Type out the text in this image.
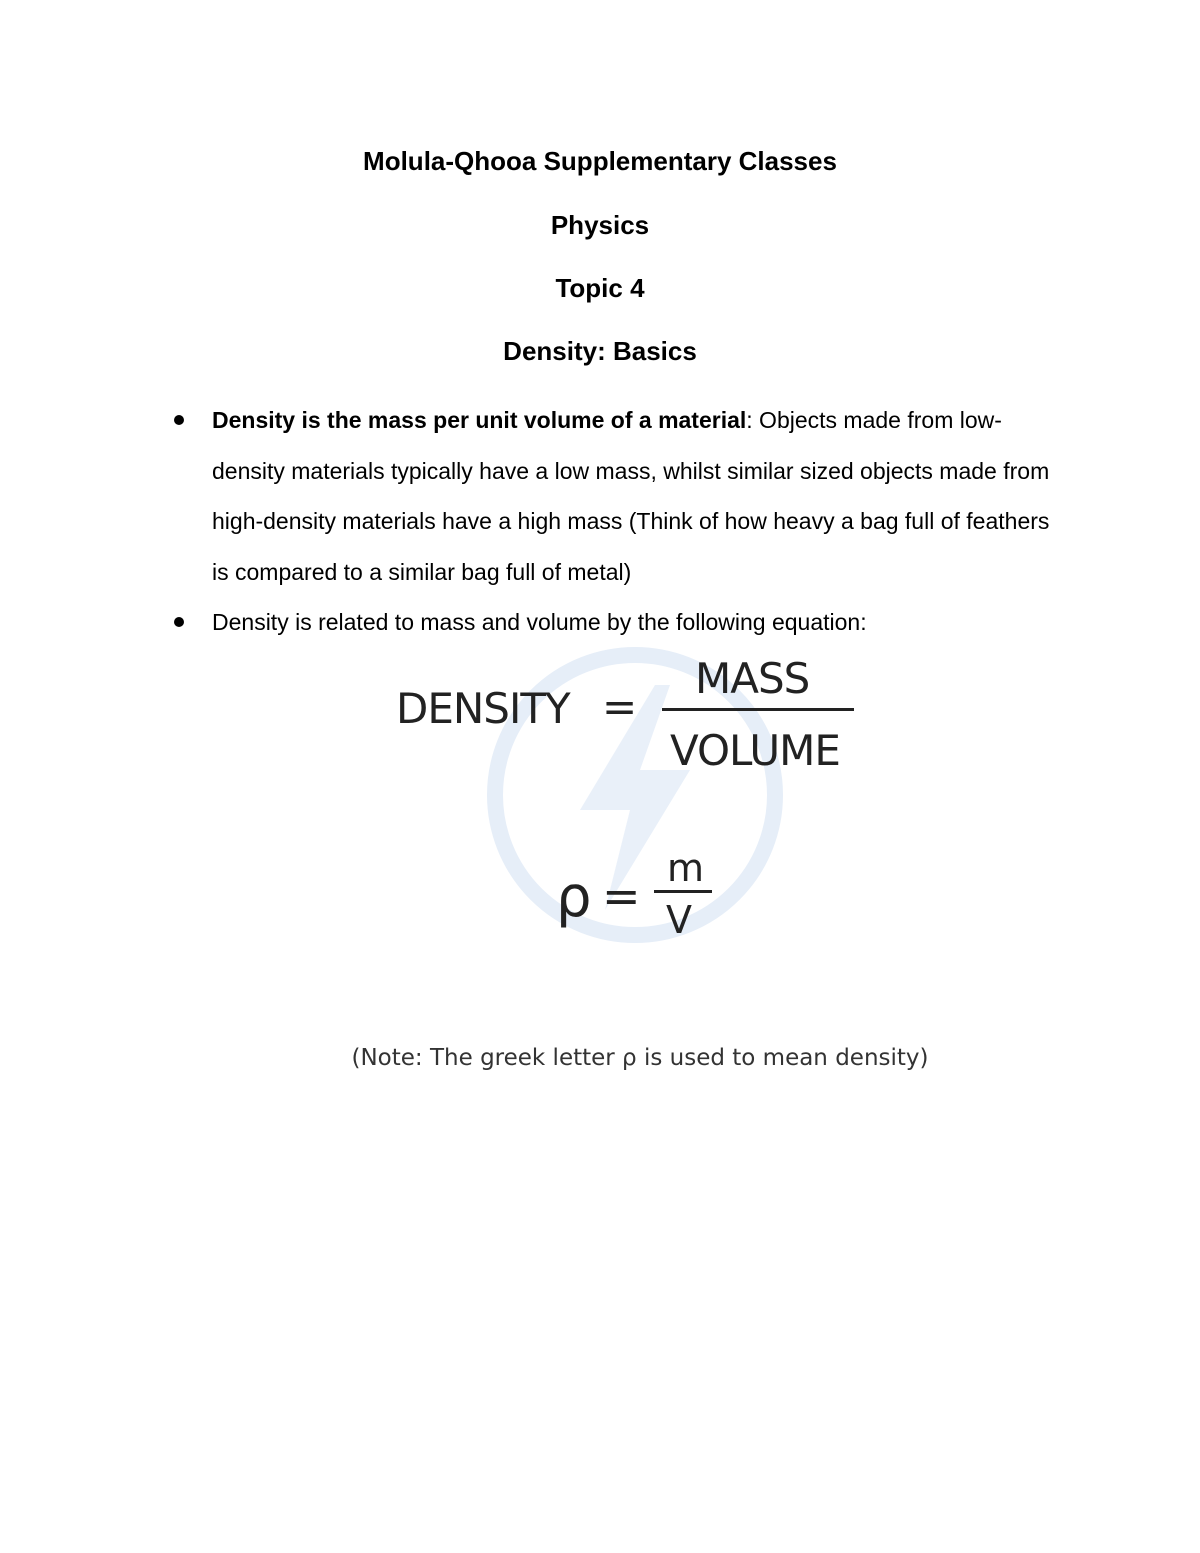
Molula-Qhooa Supplementary Classes
Physics
Topic 4
Density: Basics
Density is the mass per unit volume of a material: Objects made from low-density materials typically have a low mass, whilst similar sized objects made from high-density materials have a high mass (Think of how heavy a bag full of feathers is compared to a similar bag full of metal)
Density is related to mass and volume by the following equation:
DENSITY =
MASS
VOLUME
ρ =
m
V

(Note: The greek letter ρ is used to mean density)
